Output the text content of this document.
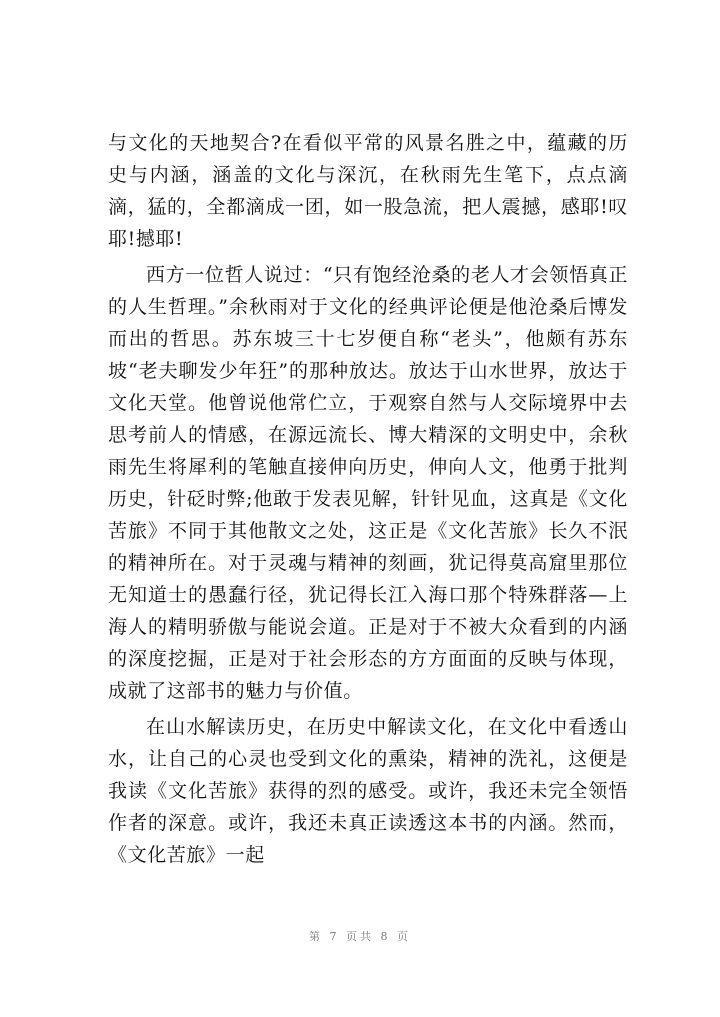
与文化的天地契合?在看似平常的风景名胜之中，蕴藏的历史与内涵，涵盖的文化与深沉，在秋雨先生笔下，点点滴滴，猛的，全都滴成一团，如一股急流，把人震撼，感耶!叹耶!撼耶!

西方一位哲人说过：“只有饱经沧桑的老人才会领悟真正的人生哲理。”余秋雨对于文化的经典评论便是他沧桑后博发而出的哲思。苏东坡三十七岁便自称“老头”，他颇有苏东坡“老夫聊发少年狂”的那种放达。放达于山水世界，放达于文化天堂。他曾说他常伫立，于观察自然与人交际境界中去思考前人的情感，在源远流长、博大精深的文明史中，余秋雨先生将犀利的笔触直接伸向历史，伸向人文，他勇于批判历史，针砭时弊;他敢于发表见解，针针见血，这真是《文化苦旅》不同于其他散文之处，这正是《文化苦旅》长久不泯的精神所在。对于灵魂与精神的刻画，犹记得莫高窟里那位无知道士的愚蠢行径，犹记得长江入海口那个特殊群落—上海人的精明骄傲与能说会道。正是对于不被大众看到的内涵的深度挖掘，正是对于社会形态的方方面面的反映与体现，成就了这部书的魅力与价值。

在山水解读历史，在历史中解读文化，在文化中看透山水，让自己的心灵也受到文化的熏染，精神的洗礼，这便是我读《文化苦旅》获得的烈的感受。或许，我还未完全领悟作者的深意。或许，我还未真正读透这本书的内涵。然而，《文化苦旅》一起

第 7 页共 8 页
